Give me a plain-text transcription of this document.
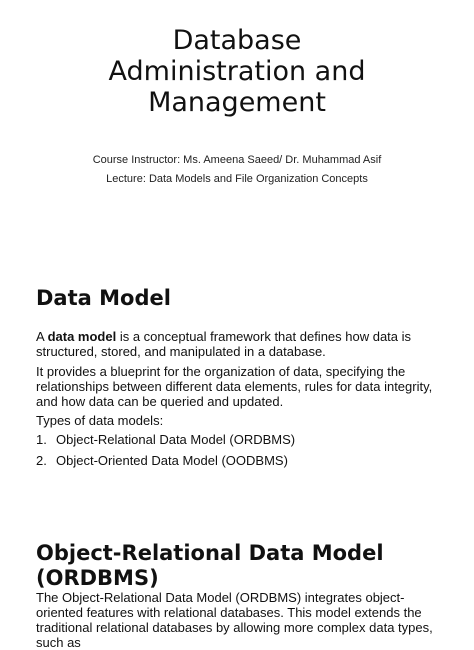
Database
Administration and
Management

Course Instructor: Ms. Ameena Saeed/ Dr. Muhammad Asif

Lecture: Data Models and File Organization Concepts

Data Model

A data model is a conceptual framework that defines how data is structured, stored, and manipulated in a database.

It provides a blueprint for the organization of data, specifying the relationships between different data elements, rules for data integrity, and how data can be queried and updated.

Types of data models:

1. Object-Relational Data Model (ORDBMS)
2. Object-Oriented Data Model (OODBMS)
Object-Relational Data Model (ORDBMS)

The Object-Relational Data Model (ORDBMS) integrates object-oriented features with relational databases. This model extends the traditional relational databases by allowing more complex data types, such as
